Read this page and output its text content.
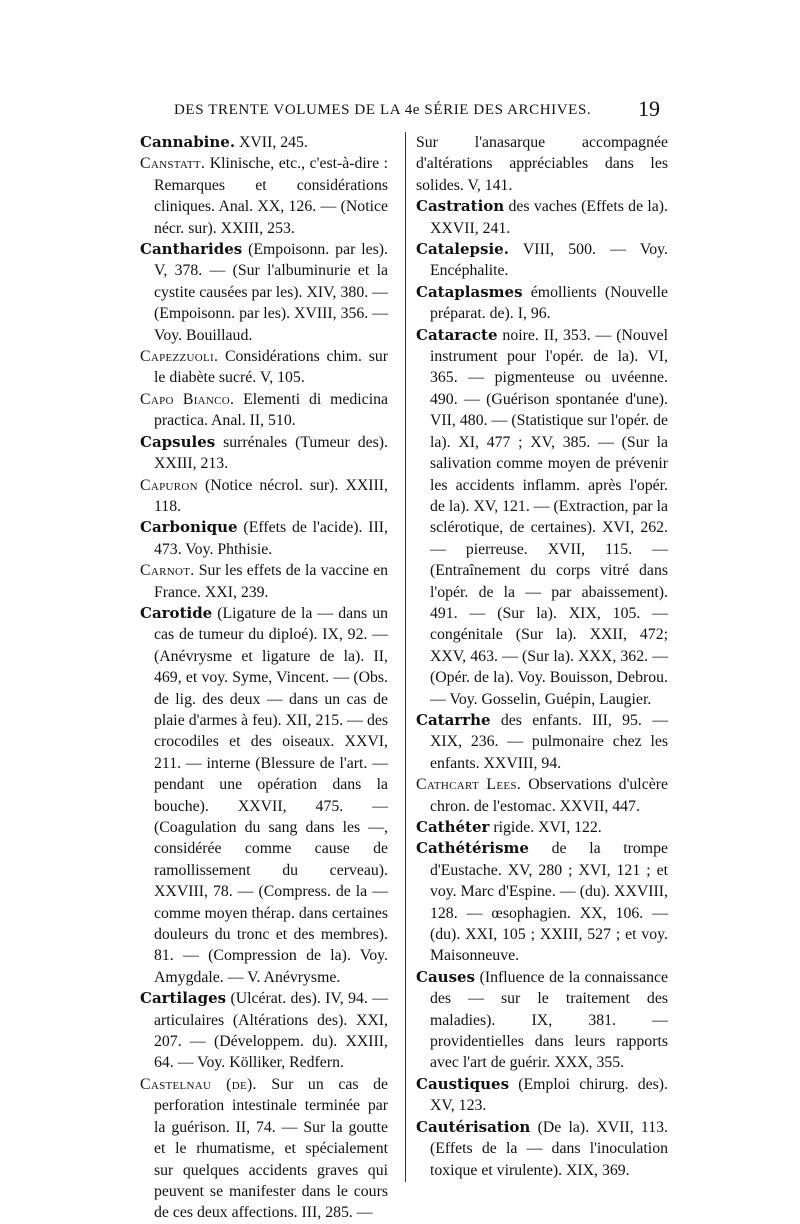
DES TRENTE VOLUMES DE LA 4e SÉRIE DES ARCHIVES. 19

Cannabine. XVII, 245.

Canstatt. Klinische, etc., c'est-à-dire : Remarques et considérations cliniques. Anal. XX, 126. — (Notice nécr. sur). XXIII, 253.

Cantharides (Empoisonn. par les). V, 378. — (Sur l'albuminurie et la cystite causées par les). XIV, 380. — (Empoisonn. par les). XVIII, 356. — Voy. Bouillaud.

Capezzuoli. Considérations chim. sur le diabète sucré. V, 105.

Capo Bianco. Elementi di medicina practica. Anal. II, 510.

Capsules surrénales (Tumeur des). XXIII, 213.

Capuron (Notice nécrol. sur). XXIII, 118.

Carbonique (Effets de l'acide). III, 473. Voy. Phthisie.

Carnot. Sur les effets de la vaccine en France. XXI, 239.

Carotide (Ligature de la — dans un cas de tumeur du diploé). IX, 92. — (Anévrysme et ligature de la). II, 469, et voy. Syme, Vincent. — (Obs. de lig. des deux — dans un cas de plaie d'armes à feu). XII, 215. — des crocodiles et des oiseaux. XXVI, 211. — interne (Blessure de l'art. — pendant une opération dans la bouche). XXVII, 475. — (Coagulation du sang dans les —, considérée comme cause de ramollissement du cerveau). XXVIII, 78. — (Compress. de la — comme moyen thérap. dans certaines douleurs du tronc et des membres). 81. — (Compression de la). Voy. Amygdale. — V. Anévrysme.

Cartilages (Ulcérat. des). IV, 94. — articulaires (Altérations des). XXI, 207. — (Développem. du). XXIII, 64. — Voy. Kölliker, Redfern.

Castelnau (de). Sur un cas de perforation intestinale terminée par la guérison. II, 74. — Sur la goutte et le rhumatisme, et spécialement sur quelques accidents graves qui peuvent se manifester dans le cours de ces deux affections. III, 285. —

Sur l'anasarque accompagnée d'altérations appréciables dans les solides. V, 141.

Castration des vaches (Effets de la). XXVII, 241.

Catalepsie. VIII, 500. — Voy. Encéphalite.

Cataplasmes émollients (Nouvelle préparat. de). I, 96.

Cataracte noire. II, 353. — (Nouvel instrument pour l'opér. de la). VI, 365. — pigmenteuse ou uvéenne. 490. — (Guérison spontanée d'une). VII, 480. — (Statistique sur l'opér. de la). XI, 477 ; XV, 385. — (Sur la salivation comme moyen de prévenir les accidents inflamm. après l'opér. de la). XV, 121. — (Extraction, par la sclérotique, de certaines). XVI, 262. — pierreuse. XVII, 115. — (Entraînement du corps vitré dans l'opér. de la — par abaissement). 491. — (Sur la). XIX, 105. — congénitale (Sur la). XXII, 472; XXV, 463. — (Sur la). XXX, 362. — (Opér. de la). Voy. Bouisson, Debrou. — Voy. Gosselin, Guépin, Laugier.

Catarrhe des enfants. III, 95. — XIX, 236. — pulmonaire chez les enfants. XXVIII, 94.

Cathcart Lees. Observations d'ulcère chron. de l'estomac. XXVII, 447.

Cathéter rigide. XVI, 122.

Cathétérisme de la trompe d'Eustache. XV, 280 ; XVI, 121 ; et voy. Marc d'Espine. — (du). XXVIII, 128. — œsophagien. XX, 106. — (du). XXI, 105 ; XXIII, 527 ; et voy. Maisonneuve.

Causes (Influence de la connaissance des — sur le traitement des maladies). IX, 381. — providentielles dans leurs rapports avec l'art de guérir. XXX, 355.

Caustiques (Emploi chirurg. des). XV, 123.

Cautérisation (De la). XVII, 113. (Effets de la — dans l'inoculation toxique et virulente). XIX, 369.
